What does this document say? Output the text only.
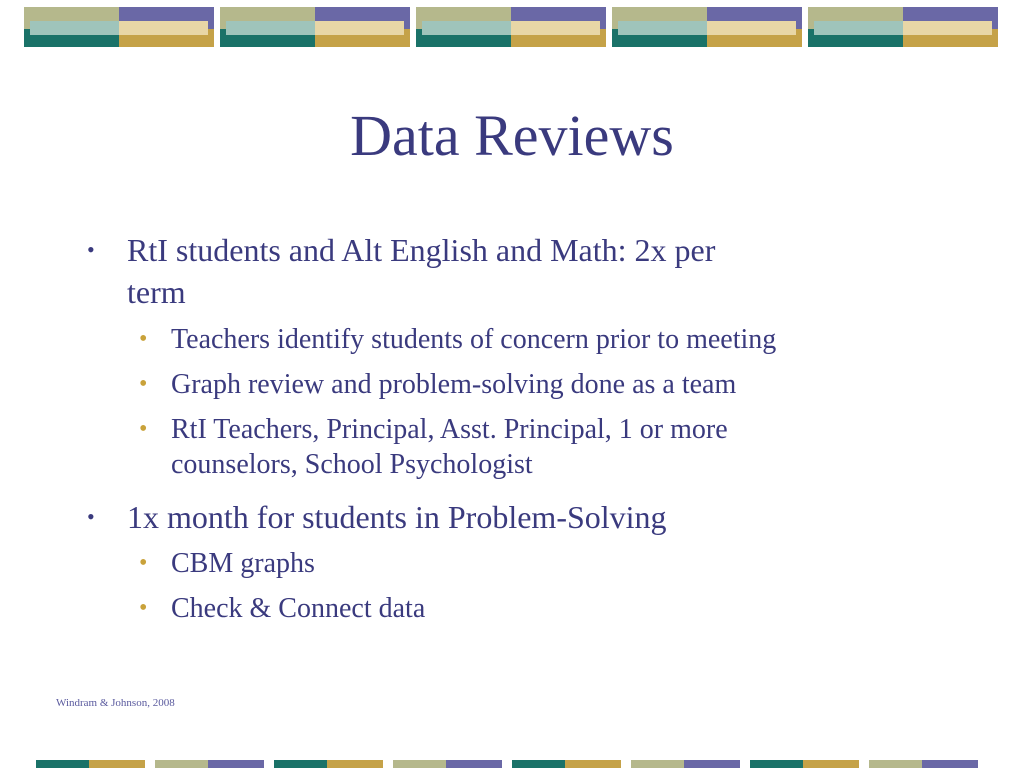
Data Reviews
• RtI students and Alt English and Math: 2x per
term
• Teachers identify students of concern prior to meeting
• Graph review and problem-solving done as a team
• RtI Teachers, Principal, Asst. Principal, 1 or more
counselors, School Psychologist
• 1x month for students in Problem-Solving
• CBM graphs
• Check & Connect data
Windram & Johnson, 2008
